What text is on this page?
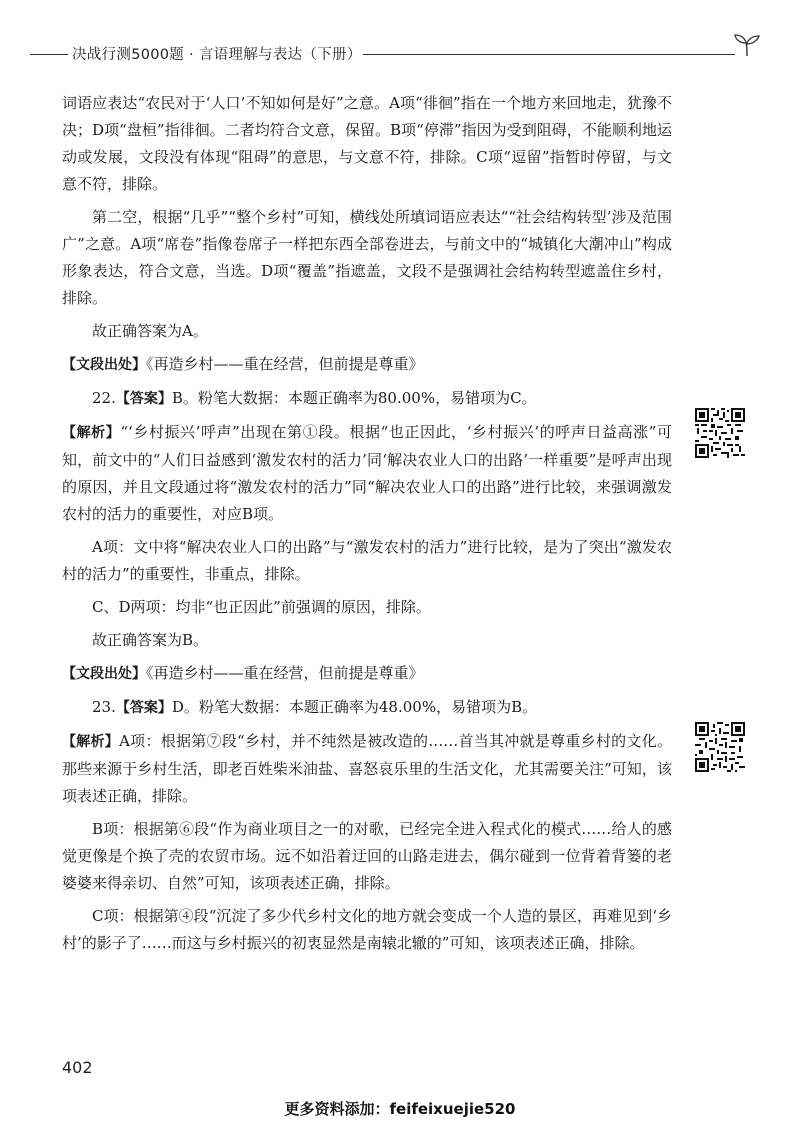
决战行测5000题 · 言语理解与表达（下册）

词语应表达“农民对于‘人口’不知如何是好”之意。A项“徘徊”指在一个地方来回地走，犹豫不决；D项“盘桓”指徘徊。二者均符合文意，保留。B项“停滞”指因为受到阻碍，不能顺利地运动或发展，文段没有体现“阻碍”的意思，与文意不符，排除。C项“逗留”指暂时停留，与文意不符，排除。

第二空，根据“几乎”“整个乡村”可知，横线处所填词语应表达““社会结构转型’涉及范围广”之意。A项“席卷”指像卷席子一样把东西全部卷进去，与前文中的“城镇化大潮冲山”构成形象表达，符合文意，当选。D项“覆盖”指遮盖，文段不是强调社会结构转型遮盖住乡村，排除。

故正确答案为A。

【文段出处】《再造乡村——重在经营，但前提是尊重》

22.【答案】B。粉笔大数据：本题正确率为80.00%，易错项为C。

【解析】“‘乡村振兴’呼声”出现在第①段。根据“也正因此，‘乡村振兴’的呼声日益高涨”可知，前文中的“人们日益感到‘激发农村的活力’同‘解决农业人口的出路’一样重要”是呼声出现的原因，并且文段通过将“激发农村的活力”同“解决农业人口的出路”进行比较，来强调激发农村的活力的重要性，对应B项。

A项：文中将“解决农业人口的出路”与“激发农村的活力”进行比较，是为了突出“激发农村的活力”的重要性，非重点，排除。

C、D两项：均非“也正因此”前强调的原因，排除。

故正确答案为B。

【文段出处】《再造乡村——重在经营，但前提是尊重》

23.【答案】D。粉笔大数据：本题正确率为48.00%，易错项为B。

【解析】A项：根据第⑦段“乡村，并不纯然是被改造的……首当其冲就是尊重乡村的文化。那些来源于乡村生活，即老百姓柴米油盐、喜怒哀乐里的生活文化，尤其需要关注”可知，该项表述正确，排除。

B项：根据第⑥段“作为商业项目之一的对歌，已经完全进入程式化的模式……给人的感觉更像是个换了壳的农贸市场。远不如沿着迂回的山路走进去，偶尔碰到一位背着背篓的老婆婆来得亲切、自然”可知，该项表述正确，排除。

C项：根据第④段“沉淀了多少代乡村文化的地方就会变成一个人造的景区，再难见到‘乡村’的影子了……而这与乡村振兴的初衷显然是南辕北辙的”可知，该项表述正确，排除。

402
更多资料添加：feifeixuejie520
